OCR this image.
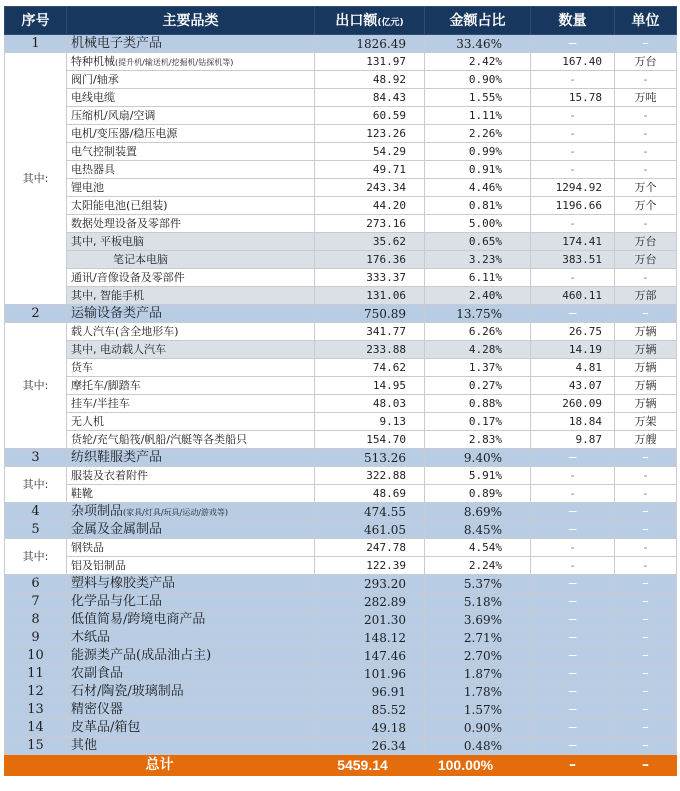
序号	主要品类	出口额(亿元)	金额占比	数量	单位
1	机械电子类产品	1826.49	33.46%	–	–
其中:	特种机械(提升机/输送机/挖掘机/钻探机等)	131.97	2.42%	167.40	万台
	阀门/轴承	48.92	0.90%	-	-
	电线电缆	84.43	1.55%	15.78	万吨
	压缩机/风扇/空调	60.59	1.11%	-	-
	电机/变压器/稳压电源	123.26	2.26%	-	-
	电气控制装置	54.29	0.99%	-	-
	电热器具	49.71	0.91%	-	-
	锂电池	243.34	4.46%	1294.92	万个
	太阳能电池(已组装)	44.20	0.81%	1196.66	万个
	数据处理设备及零部件	273.16	5.00%	-	-
	其中, 平板电脑	35.62	0.65%	174.41	万台
	笔记本电脑	176.36	3.23%	383.51	万台
	通讯/音像设备及零部件	333.37	6.11%	-	-
	其中, 智能手机	131.06	2.40%	460.11	万部
2	运输设备类产品	750.89	13.75%	–	–
其中:	载人汽车(含全地形车)	341.77	6.26%	26.75	万辆
	其中, 电动载人汽车	233.88	4.28%	14.19	万辆
	货车	74.62	1.37%	4.81	万辆
	摩托车/脚踏车	14.95	0.27%	43.07	万辆
	挂车/半挂车	48.03	0.88%	260.09	万辆
	无人机	9.13	0.17%	18.84	万架
	货轮/充气船筏/帆船/汽艇等各类船只	154.70	2.83%	9.87	万艘
3	纺织鞋服类产品	513.26	9.40%	–	–
其中:	服装及衣着附件	322.88	5.91%	-	-
	鞋靴	48.69	0.89%	-	-
4	杂项制品(家具/灯具/玩具/运动/游戏等)	474.55	8.69%	–	–
5	金属及金属制品	461.05	8.45%	–	–
其中:	钢铁品	247.78	4.54%	-	-
	铝及铝制品	122.39	2.24%	-	-
6	塑料与橡胶类产品	293.20	5.37%	–	–
7	化学品与化工品	282.89	5.18%	–	–
8	低值简易/跨境电商产品	201.30	3.69%	–	–
9	木纸品	148.12	2.71%	–	–
10	能源类产品(成品油占主)	147.46	2.70%	–	–
11	农副食品	101.96	1.87%	–	–
12	石材/陶瓷/玻璃制品	96.91	1.78%	–	–
13	精密仪器	85.52	1.57%	–	–
14	皮革品/箱包	49.18	0.90%	–	–
15	其他	26.34	0.48%	–	–
总计		5459.14	100.00%	–	–
